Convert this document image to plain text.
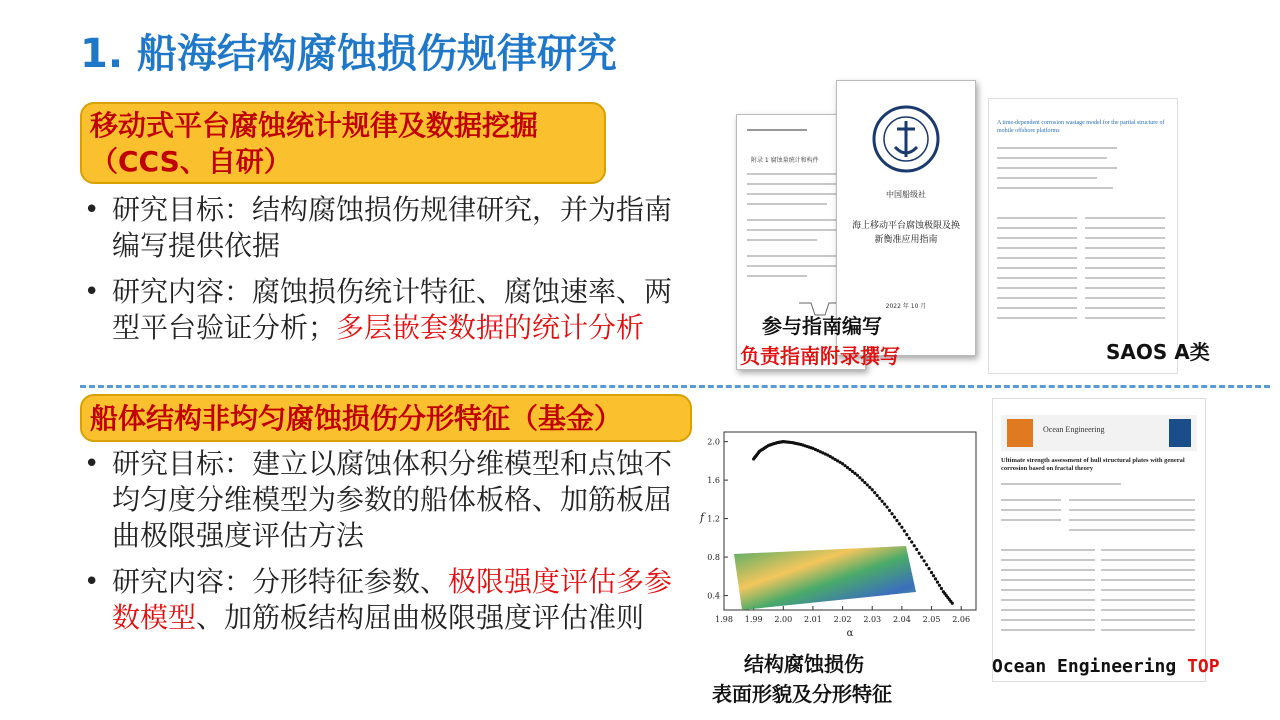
1. 船海结构腐蚀损伤规律研究
移动式平台腐蚀统计规律及数据挖掘
（CCS、自研）
• 研究目标：结构腐蚀损伤规律研究，并为指南编写提供依据
• 研究内容：腐蚀损伤统计特征、腐蚀速率、两型平台验证分析；多层嵌套数据的统计分析
船体结构非均匀腐蚀损伤分形特征（基金）
• 研究目标：建立以腐蚀体积分维模型和点蚀不均匀度分维模型为参数的船体板格、加筋板屈曲极限强度评估方法
• 研究内容：分形特征参数、极限强度评估多参数模型、加筋板结构屈曲极限强度评估准则
附录 1 腐蚀量统计和构件
中国船级社
海上移动平台腐蚀极限及换新衡准应用指南
2022 年 10 月
A time-dependent corrosion wastage model for the partial structure of mobile offshore platforms
参与指南编写
负责指南附录撰写	SAOS A类
1.98 1.99 2.00 2.01 2.02 2.03 2.04 2.05 2.06
0.4
0.8
1.2
1.6
2.0
α
f
结构腐蚀损伤
表面形貌及分形特征
Ocean Engineering
Ultimate strength assessment of hull structural plates with general corrosion based on fractal theory
Ocean Engineering TOP
